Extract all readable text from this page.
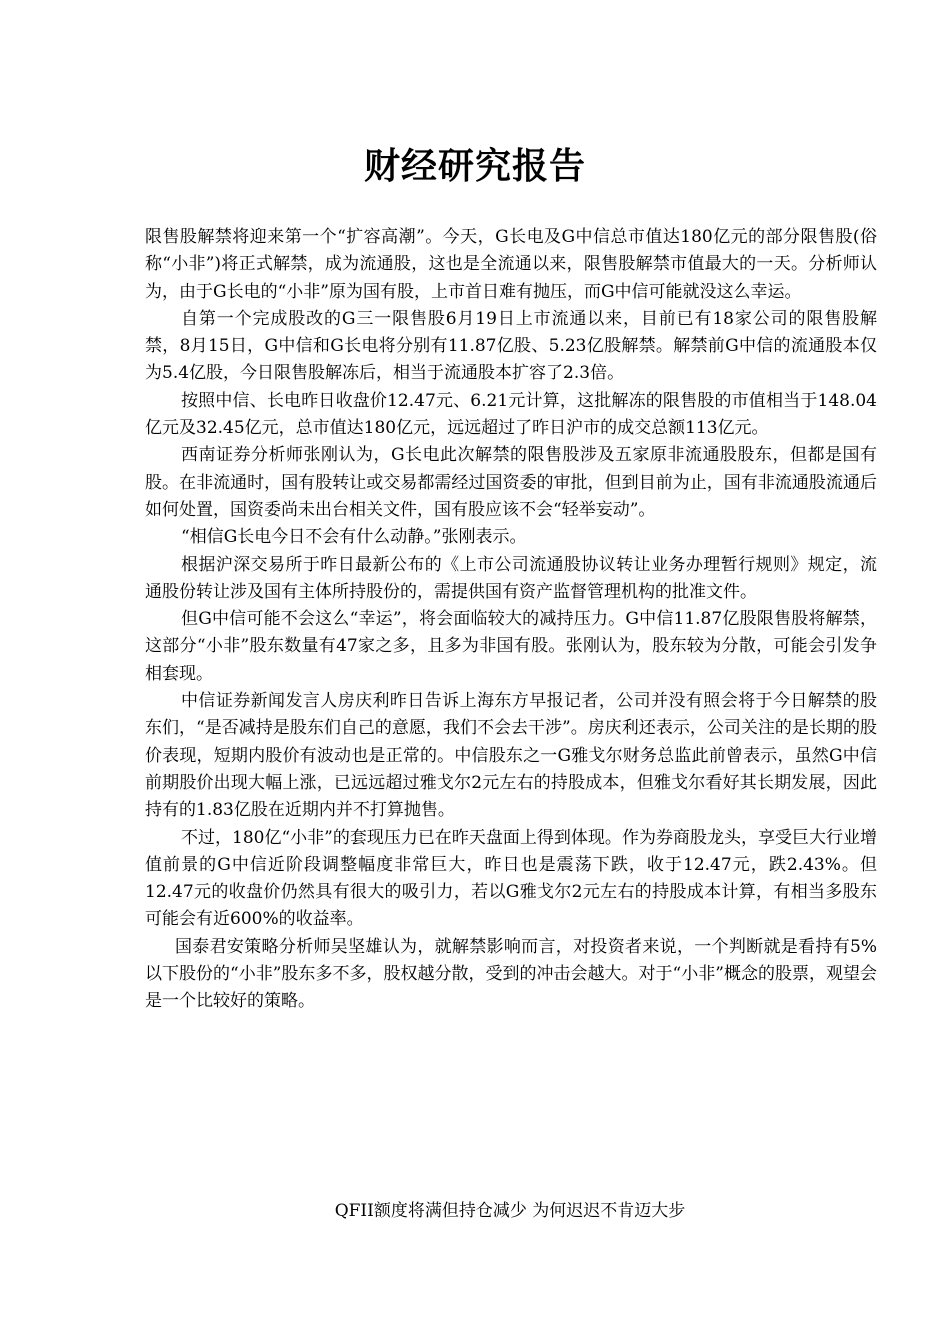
财经研究报告

限售股解禁将迎来第一个“扩容高潮”。今天，G长电及G中信总市值达180亿元的部分限售股(俗称“小非”)将正式解禁，成为流通股，这也是全流通以来，限售股解禁市值最大的一天。分析师认为，由于G长电的“小非”原为国有股，上市首日难有抛压，而G中信可能就没这么幸运。

自第一个完成股改的G三一限售股6月19日上市流通以来，目前已有18家公司的限售股解禁，8月15日，G中信和G长电将分别有11.87亿股、5.23亿股解禁。解禁前G中信的流通股本仅为5.4亿股，今日限售股解冻后，相当于流通股本扩容了2.3倍。

按照中信、长电昨日收盘价12.47元、6.21元计算，这批解冻的限售股的市值相当于148.04亿元及32.45亿元，总市值达180亿元，远远超过了昨日沪市的成交总额113亿元。

西南证券分析师张刚认为，G长电此次解禁的限售股涉及五家原非流通股股东，但都是国有股。在非流通时，国有股转让或交易都需经过国资委的审批，但到目前为止，国有非流通股流通后如何处置，国资委尚未出台相关文件，国有股应该不会“轻举妄动”。

“相信G长电今日不会有什么动静。”张刚表示。

根据沪深交易所于昨日最新公布的《上市公司流通股协议转让业务办理暂行规则》规定，流通股份转让涉及国有主体所持股份的，需提供国有资产监督管理机构的批准文件。

但G中信可能不会这么“幸运”，将会面临较大的减持压力。G中信11.87亿股限售股将解禁，这部分“小非”股东数量有47家之多，且多为非国有股。张刚认为，股东较为分散，可能会引发争相套现。

中信证券新闻发言人房庆利昨日告诉上海东方早报记者，公司并没有照会将于今日解禁的股东们，“是否减持是股东们自己的意愿，我们不会去干涉”。房庆利还表示，公司关注的是长期的股价表现，短期内股价有波动也是正常的。中信股东之一G雅戈尔财务总监此前曾表示，虽然G中信前期股价出现大幅上涨，已远远超过雅戈尔2元左右的持股成本，但雅戈尔看好其长期发展，因此持有的1.83亿股在近期内并不打算抛售。

不过，180亿“小非”的套现压力已在昨天盘面上得到体现。作为券商股龙头，享受巨大行业增值前景的G中信近阶段调整幅度非常巨大，昨日也是震荡下跌，收于12.47元，跌2.43%。但12.47元的收盘价仍然具有很大的吸引力，若以G雅戈尔2元左右的持股成本计算，有相当多股东可能会有近600%的收益率。

国泰君安策略分析师吴坚雄认为，就解禁影响而言，对投资者来说，一个判断就是看持有5%以下股份的“小非”股东多不多，股权越分散，受到的冲击会越大。对于“小非”概念的股票，观望会是一个比较好的策略。

QFII额度将满但持仓减少 为何迟迟不肯迈大步
